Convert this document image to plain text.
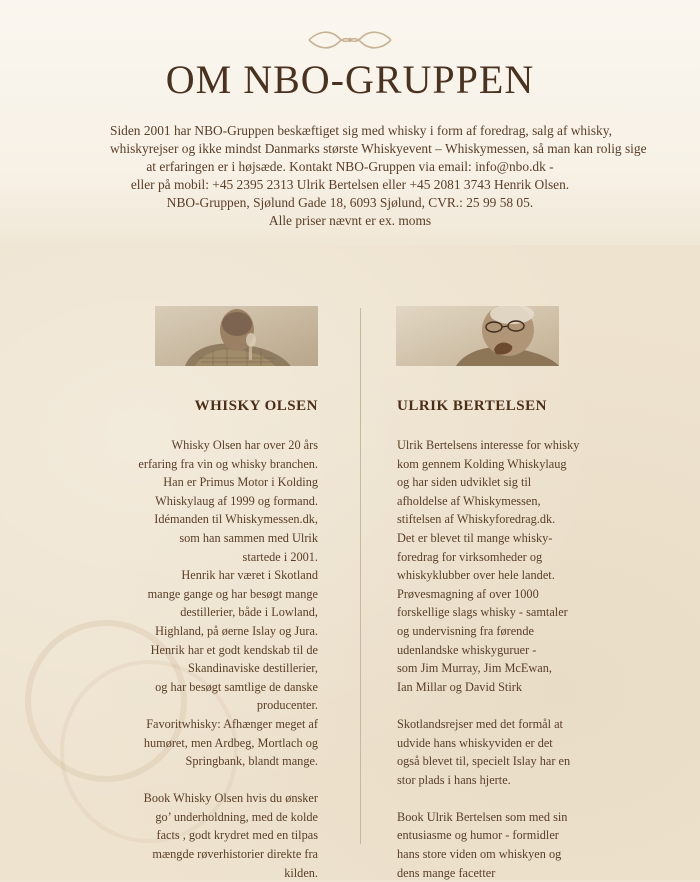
OM NBO-GRUPPEN
Siden 2001 har NBO-Gruppen beskæftiget sig med whisky i form af foredrag, salg af whisky,
whiskyrejser og ikke mindst Danmarks største Whiskyevent – Whiskymessen, så man kan rolig sige
at erfaringen er i højsæde. Kontakt NBO-Gruppen via email: info@nbo.dk -
eller på mobil: +45 2395 2313 Ulrik Bertelsen eller +45 2081 3743 Henrik Olsen.
NBO-Gruppen, Sjølund Gade 18, 6093 Sjølund, CVR.: 25 99 58 05.
Alle priser nævnt er ex. moms
WHISKY OLSEN	ULRIK BERTELSEN
Whisky Olsen har over 20 års
erfaring fra vin og whisky branchen.
Han er Primus Motor i Kolding
Whiskylaug af 1999 og formand.
Idémanden til Whiskymessen.dk,
som han sammen med Ulrik
startede i 2001.
Henrik har været i Skotland
mange gange og har besøgt mange
destillerier, både i Lowland,
Highland, på øerne Islay og Jura.
Henrik har et godt kendskab til de
Skandinaviske destillerier,
og har besøgt samtlige de danske
producenter.
Favoritwhisky: Afhænger meget af
humøret, men Ardbeg, Mortlach og
Springbank, blandt mange.
Book Whisky Olsen hvis du ønsker
go’ underholdning, med de kolde
facts , godt krydret med en tilpas
mængde røverhistorier direkte fra
kilden.
Ulrik Bertelsens interesse for whisky
kom gennem Kolding Whiskylaug
og har siden udviklet sig til
afholdelse af Whiskymessen,
stiftelsen af Whiskyforedrag.dk.
Det er blevet til mange whisky-
foredrag for virksomheder og
whiskyklubber over hele landet.
Prøvesmagning af over 1000
forskellige slags whisky - samtaler
og undervisning fra førende
udenlandske whiskyguruer -
som Jim Murray, Jim McEwan,
Ian Millar og David Stirk
Skotlandsrejser med det formål at
udvide hans whiskyviden er det
også blevet til, specielt Islay har en
stor plads i hans hjerte.
Book Ulrik Bertelsen som med sin
entusiasme og humor - formidler
hans store viden om whiskyen og
dens mange facetter
